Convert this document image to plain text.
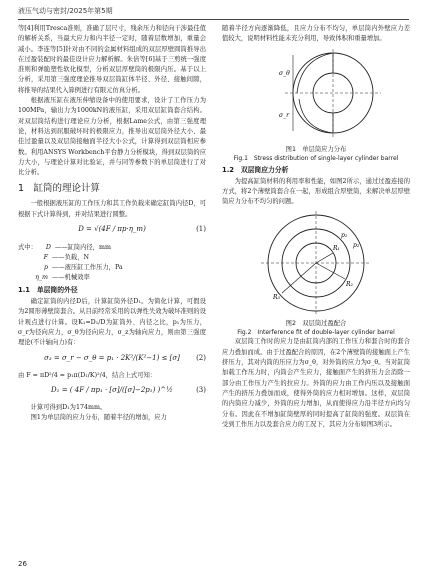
液压气动与密封/2025年第5期

等[4]利用Tresca准则，准确了层尺寸，残余压力和径向干涉最佳值的解析关系，当最大应力和内半径一定时，随着层数增加，重量会减小。李连等[5]针对由不同的金属材料组成的双层厚壁圆筒推导出在过盈装配时的最佳设计应力解析解。朱倍等[6]基于三剪统一强度准则和弹脆塑性软化模型，分析双层厚壁筒的极限内压。基于以上分析，采用第三强度理论推导双层筒缸体半径、外径、接触间隙，将推导的结果代入算例进行有限元仿真分析。

根据液压缸在液压伸缩设备中的使用要求，设计了工作压力为100MPa，输出力为1000kN的液压缸，采用双层缸筒套合结构。对双层筒结构进行理论应力分析，根据Lame公式，由第三强度理论，材料达到屈服破坏时的极限应力，推导出双层筒外径大小、最佳过盈量以及双层筒接触面半径大小公式，计算得到双层筒相应参数。利用ANSYS Workbench平台静力分析模块，得到双层筒的应力大小，与理论计算对比验证，并与同等参数下的单层筒进行了对比分析。

1　缸筒的理论计算

一般根据液压缸的工作压力和其工作负载来确定缸筒内径D，可根据下式计算得到，并对结果进行圆整。

D = √(4F / πp·η_m)	(1)
式中： D ——缸筒内径，mm
F ——负载，N
p ——液压缸工作压力，Pa
η_m ——机械效率
1.1　单层筒的外径

确定缸筒的内径D后，计算缸筒外径D₁。为简化计算，可假设为2圆形薄壁筒套合。从目前经常采用的以弹性失效为破坏准则的设计观点进行计算。设K₁=D₁/D为缸筒外、内径之比，p₁为压力，σ_r为径向应力，σ_θ为径向应力，σ_z为轴向应力，则由第三强度理论(不计轴向力)有：

σ₃ = σ_r − σ_θ = p₁ · 2K²/(K²−1) ≤ [σ]	(2)

由 F = πD²/4 = p₁π(D₁/K)²/4，结合上式可知：

D₁ = ( 4F / πp₁ · [σ]/([σ]−2p₁) )^½	(3)

计算可得到D₁为174mm。

图1为单层筒的应力分布，随着半径的增加，应力

随着半径方向逐渐降低，且应力分布不均匀，单层筒内外壁应力差值较大，说明材料性能未充分利用，导致体积和重量增加。

σ_θ
σ_r
图1　单层筒应力分布
Fig.1　Stress distribution of single-layer cylinder barrel
1.2　双层筒应力分析

为提高缸筒材料的利用率和性能，如图2所示，通过过盈连接的方式，将2个薄壁筒套合在一起，形成组合厚壁筒，来解决单层厚壁筒应力分布不均匀的问题。

p₁
p₂
R₁
R₂
R₃
图2　双层筒过盈配合
Fig.2　Interference fit of double-layer cylinder barrel

双层筒工作时的应力是由缸筒内部的工作压力和套合时的套合应力叠加而成。由于过盈配合的原因，在2个薄壁筒的接触面上产生挤压力，其对内筒的压应力为σ_θ，对外筒的应力为σ_θ。当对缸筒加载工作压力时，内筒会产生应力，接触面产生的挤压力会消除一部分由工作压力产生的拉应力。外筒的应力由工作内压以及接触面产生的挤压力叠加而成，使得外筒的应力相对增加。这样，双层筒的内筒应力减少，外筒的应力增加，从而使得应力沿半径方向均匀分布。因此在不增加缸筒壁厚的同时提高了缸筒的强度。双层筒在受到工作压力以及套合应力的工况下，其应力分布如图3所示。

26
